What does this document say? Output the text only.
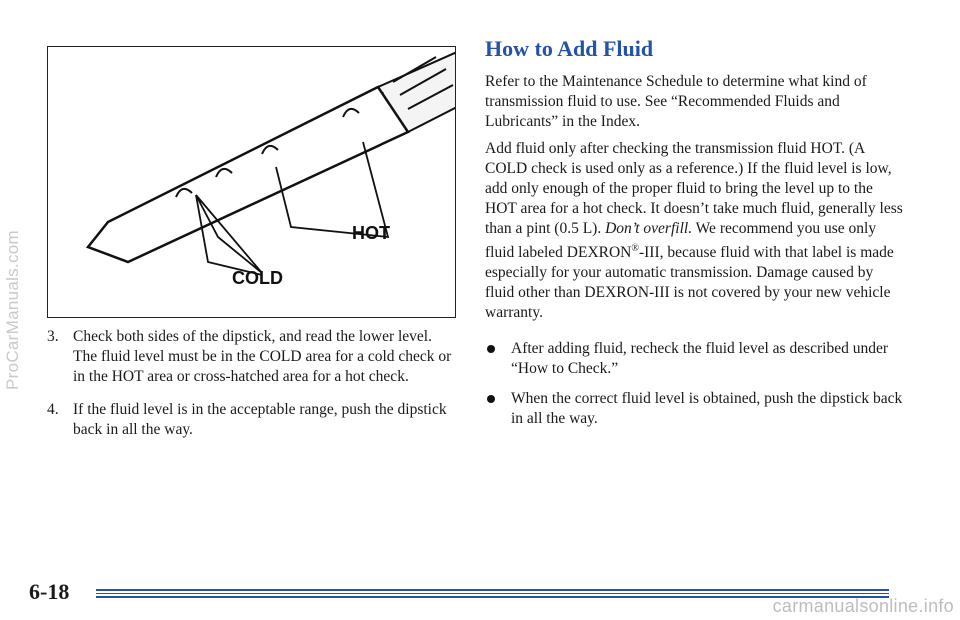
ProCarManuals.com	HOT
COLD
3. Check both sides of the dipstick, and read the lower level. The fluid level must be in the COLD area for a cold check or in the HOT area or cross-hatched area for a hot check.
4. If the fluid level is in the acceptable range, push the dipstick back in all the way.
How to Add Fluid

Refer to the Maintenance Schedule to determine what kind of transmission fluid to use. See “Recommended Fluids and Lubricants” in the Index.

Add fluid only after checking the transmission fluid HOT. (A COLD check is used only as a reference.) If the fluid level is low, add only enough of the proper fluid to bring the level up to the HOT area for a hot check. It doesn’t take much fluid, generally less than a pint (0.5 L). Don’t overfill. We recommend you use only fluid labeled DEXRON®-III, because fluid with that label is made especially for your automatic transmission. Damage caused by fluid other than DEXRON-III is not covered by your new vehicle warranty.

After adding fluid, recheck the fluid level as described under “How to Check.”
When the correct fluid level is obtained, push the dipstick back in all the way.

6-18

carmanualsonline.info
